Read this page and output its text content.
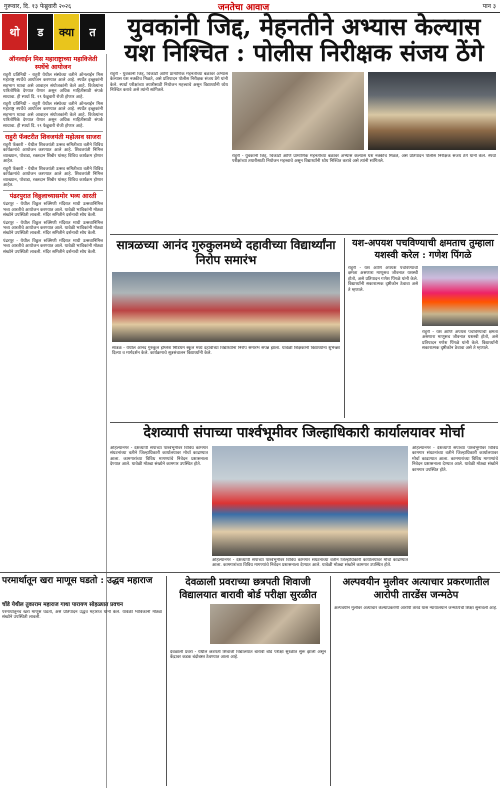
गुरूवार, दि. १३ फेब्रुवारी २०२६	जनतेचा आवाज	पान ३
थो	ड	क्या	त
ऑनलाईन मिस महाराष्ट्राच्या महाविजेती स्पर्धेचे आयोजन
राहुरी प्रतिनिधी - राहुरी येथील संस्थेच्या वतीने ऑनलाईन मिस महाराष्ट्र स्पर्धेचे आयोजन करण्यात आले आहे. स्पर्धेत इच्छुकांनी सहभाग घ्यावा असे आवाहन संयोजकांनी केले आहे. विजेत्यांना पारितोषिके देण्यात येणार असून अधिक माहितीसाठी संपर्क साधावा. ही स्पर्धा दि. १९ फेब्रुवारी रोजी होणार आहे.
राहुरी प्रतिनिधी - राहुरी येथील संस्थेच्या वतीने ऑनलाईन मिस महाराष्ट्र स्पर्धेचे आयोजन करण्यात आले आहे. स्पर्धेत इच्छुकांनी सहभाग घ्यावा असे आवाहन संयोजकांनी केले आहे. विजेत्यांना पारितोषिके देण्यात येणार असून अधिक माहितीसाठी संपर्क साधावा. ही स्पर्धा दि. १९ फेब्रुवारी रोजी होणार आहे.
राहुरी फॅक्टरीत शिवजयंती महोत्सव साजरा
राहुरी फॅक्टरी - येथील शिवजयंती उत्सव समितीच्या वतीने विविध कार्यक्रमांचे आयोजन करण्यात आले आहे. शिवजयंती निमित्त व्याख्यान, पोवाडा, रक्तदान शिबीर यांसह विविध कार्यक्रम होणार आहेत.
राहुरी फॅक्टरी - येथील शिवजयंती उत्सव समितीच्या वतीने विविध कार्यक्रमांचे आयोजन करण्यात आले आहे. शिवजयंती निमित्त व्याख्यान, पोवाडा, रक्तदान शिबीर यांसह विविध कार्यक्रम होणार आहेत.
पंढरपुरात विठ्ठलाच्यासमोर भव्य आरती
पंढरपूर - येथील विठ्ठल रुक्मिणी मंदिरात माघी उत्सवानिमित्त भव्य आरतीचे आयोजन करण्यात आले. यावेळी भाविकांनी मोठ्या संख्येने उपस्थिती लावली. मंदिर समितीने दर्शनाची सोय केली.
पंढरपूर - येथील विठ्ठल रुक्मिणी मंदिरात माघी उत्सवानिमित्त भव्य आरतीचे आयोजन करण्यात आले. यावेळी भाविकांनी मोठ्या संख्येने उपस्थिती लावली. मंदिर समितीने दर्शनाची सोय केली.
पंढरपूर - येथील विठ्ठल रुक्मिणी मंदिरात माघी उत्सवानिमित्त भव्य आरतीचे आयोजन करण्यात आले. यावेळी भाविकांनी मोठ्या संख्येने उपस्थिती लावली. मंदिर समितीने दर्शनाची सोय केली.
युवकांनी जिद्द, मेहनतीने अभ्यास केल्यास यश निश्चित : पोलीस निरीक्षक संजय ठेंगे
राहुरी - युवकांनी जिद्द, चिकाटी आणि प्रामाणिक मेहनतीच्या बळावर अभ्यास केल्यास यश नक्कीच मिळते, असे प्रतिपादन पोलीस निरीक्षक संजय ठेंगे यांनी केले. स्पर्धा परीक्षांच्या तयारीसाठी नियोजन महत्त्वाचे असून विद्यार्थ्यांनी ध्येय निश्चित करावे असे त्यांनी सांगितले.
राहुरी - युवकांनी जिद्द, चिकाटी आणि प्रामाणिक मेहनतीच्या बळावर अभ्यास केल्यास यश नक्कीच मिळते, असे प्रतिपादन पोलीस निरीक्षक संजय ठेंगे यांनी केले. स्पर्धा परीक्षांच्या तयारीसाठी नियोजन महत्त्वाचे असून विद्यार्थ्यांनी ध्येय निश्चित करावे असे त्यांनी सांगितले.
सात्रळच्या आनंद गुरुकुलमध्ये दहावीच्या विद्यार्थ्यांना निरोप समारंभ
सात्रळ - येथील आनंद गुरुकुल इंग्लिश मिडियम स्कूल मध्ये दहावीच्या विद्यार्थ्यांना निरोप समारंभ संपन्न झाला. यावेळी शिक्षकांनी विद्यार्थ्यांना शुभेच्छा दिल्या व मार्गदर्शन केले. कार्यक्रमाचे सूत्रसंचालन विद्यार्थ्यांनी केले.
यश-अपयश पचविण्याची क्षमताच तुम्हाला यशस्वी करेल : गणेश पिंगळे
राहुरी - यश आणि अपयश पचविण्याची क्षमता असणारा माणूसच जीवनात यशस्वी होतो, असे प्रतिपादन गणेश पिंगळे यांनी केले. विद्यार्थ्यांनी सकारात्मक दृष्टीकोन ठेवावा असे ते म्हणाले.
राहुरी - यश आणि अपयश पचविण्याची क्षमता असणारा माणूसच जीवनात यशस्वी होतो, असे प्रतिपादन गणेश पिंगळे यांनी केले. विद्यार्थ्यांनी सकारात्मक दृष्टीकोन ठेवावा असे ते म्हणाले.
देशव्यापी संपाच्या पार्श्वभूमीवर जिल्हाधिकारी कार्यालयावर मोर्चा
अहिल्यानगर - देशव्यापी संपाच्या पार्श्वभूमीवर विविध कामगार संघटनांच्या वतीने जिल्हाधिकारी कार्यालयावर मोर्चा काढण्यात आला. कामगारांच्या विविध मागण्यांचे निवेदन प्रशासनाला देण्यात आले. यावेळी मोठ्या संख्येने कामगार उपस्थित होते.
अहिल्यानगर - देशव्यापी संपाच्या पार्श्वभूमीवर विविध कामगार संघटनांच्या वतीने जिल्हाधिकारी कार्यालयावर मोर्चा काढण्यात आला. कामगारांच्या विविध मागण्यांचे निवेदन प्रशासनाला देण्यात आले. यावेळी मोठ्या संख्येने कामगार उपस्थित होते.
अहिल्यानगर - देशव्यापी संपाच्या पार्श्वभूमीवर विविध कामगार संघटनांच्या वतीने जिल्हाधिकारी कार्यालयावर मोर्चा काढण्यात आला. कामगारांच्या विविध मागण्यांचे निवेदन प्रशासनाला देण्यात आले. यावेळी मोठ्या संख्येने कामगार उपस्थित होते.
परमार्थातून खरा माणूस घडतो : उद्धव महाराज
चोंडे येथील तुकाराम महाराज गाथा पारायण सोहळ्यात प्रवचन
परमार्थातूनच खरा माणूस घडतो, असे प्रतिपादन उद्धव महाराज यांनी केले. यावेळी भाविकांनी मोठ्या संख्येने उपस्थिती लावली.
देवळाली प्रवराच्या छत्रपती शिवाजी विद्यालयात बारावी बोर्ड परीक्षा सुरळीत
देवळाली प्रवरा - येथील छत्रपती शिवाजी विद्यालयात बारावी बोर्ड परीक्षा सुरळीत सुरू झाली असून केंद्रावर कडक बंदोबस्त ठेवण्यात आला आहे.
अल्पवयीन मुलीवर अत्याचार प्रकरणातील आरोपी तारडेंस जन्मठेप
अल्पवयीन मुलीवर अत्याचार केल्याप्रकरणी आरोपी तारडे यास न्यायालयाने जन्मठेपेची शिक्षा सुनावली आहे.
